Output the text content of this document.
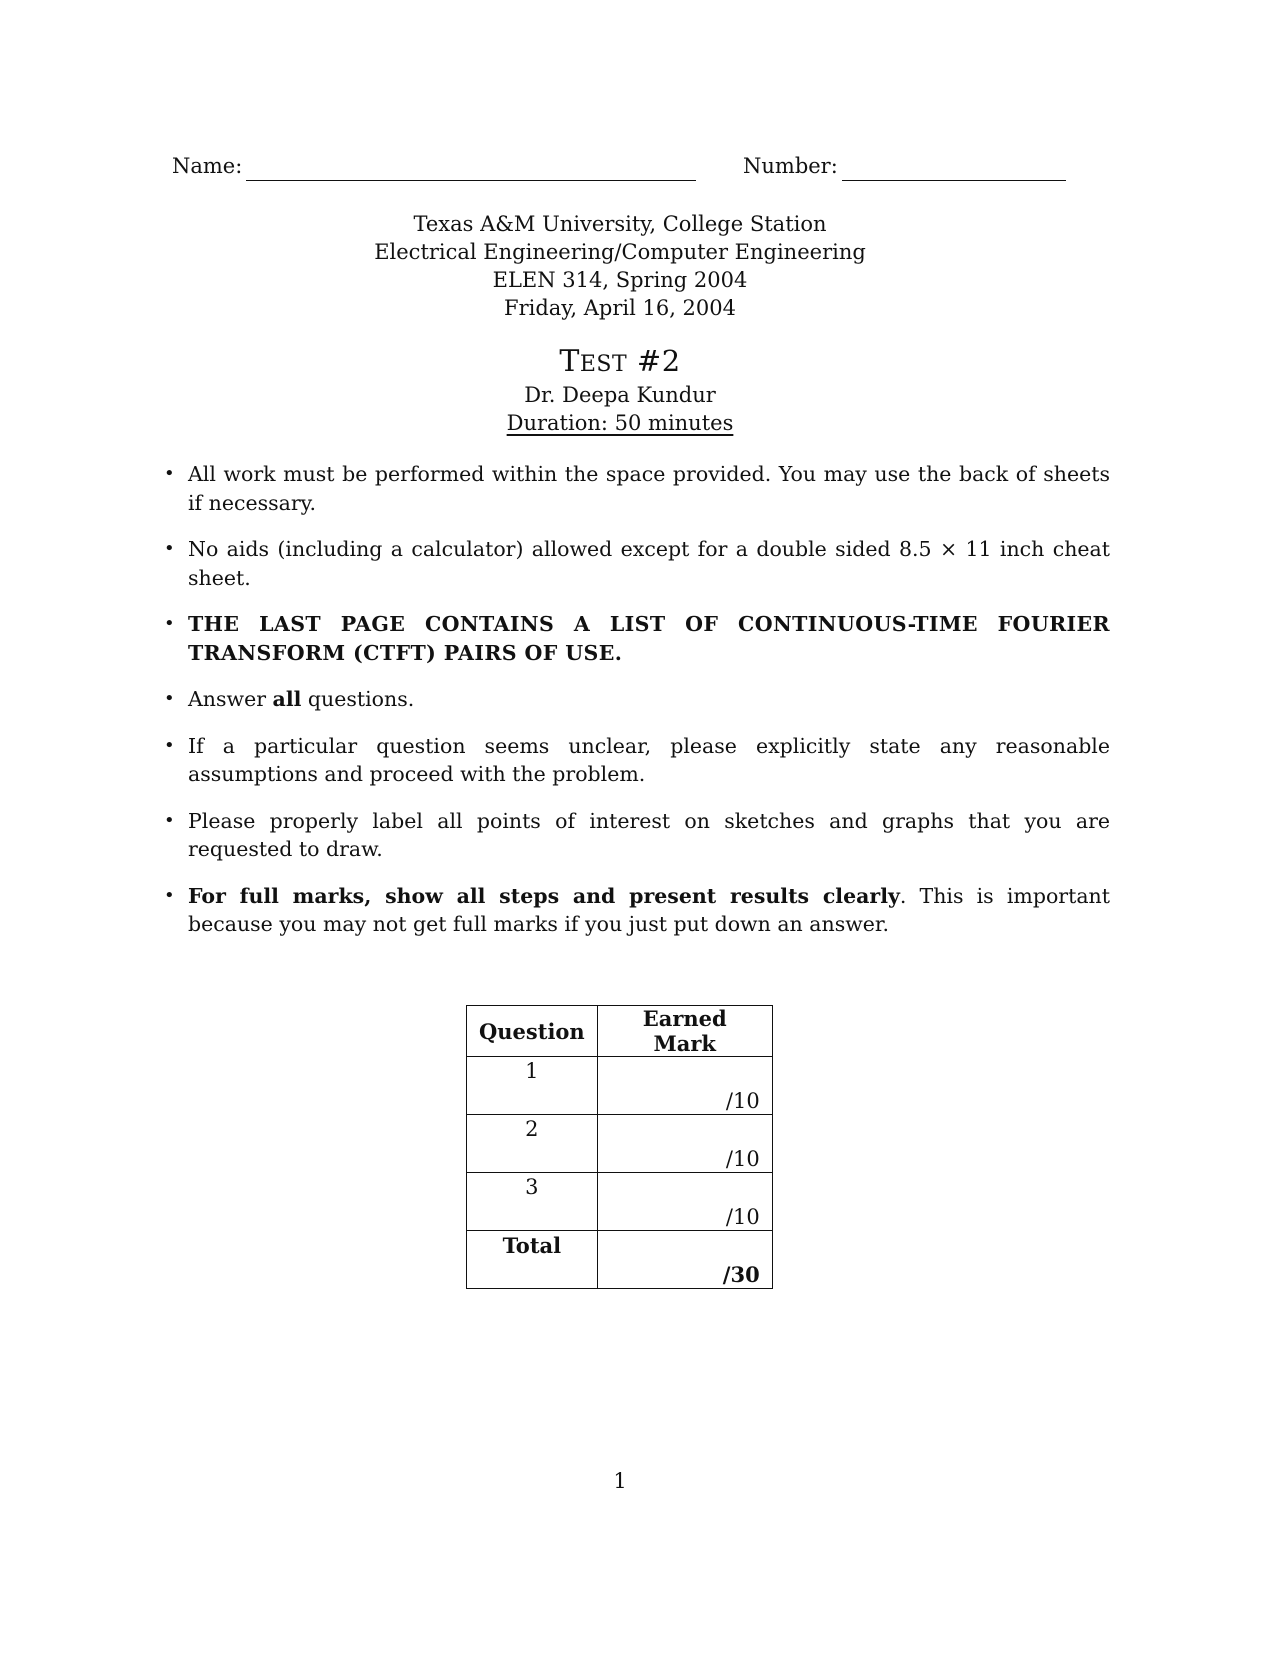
Name:	Number:
Texas A&M University, College Station
Electrical Engineering/Computer Engineering
ELEN 314, Spring 2004
Friday, April 16, 2004
TEST #2
Dr. Deepa Kundur
Duration: 50 minutes
• All work must be performed within the space provided. You may use the back of sheets if necessary.
• No aids (including a calculator) allowed except for a double sided 8.5 × 11 inch cheat sheet.
• THE LAST PAGE CONTAINS A LIST OF CONTINUOUS-TIME FOURIER TRANSFORM (CTFT) PAIRS OF USE.
• Answer all questions.
• If a particular question seems unclear, please explicitly state any reasonable assumptions and proceed with the problem.
• Please properly label all points of interest on sketches and graphs that you are requested to draw.
• For full marks, show all steps and present results clearly. This is important because you may not get full marks if you just put down an answer.
Question	Earned Mark
1	/10
2	/10
3	/10
Total	/30
1
